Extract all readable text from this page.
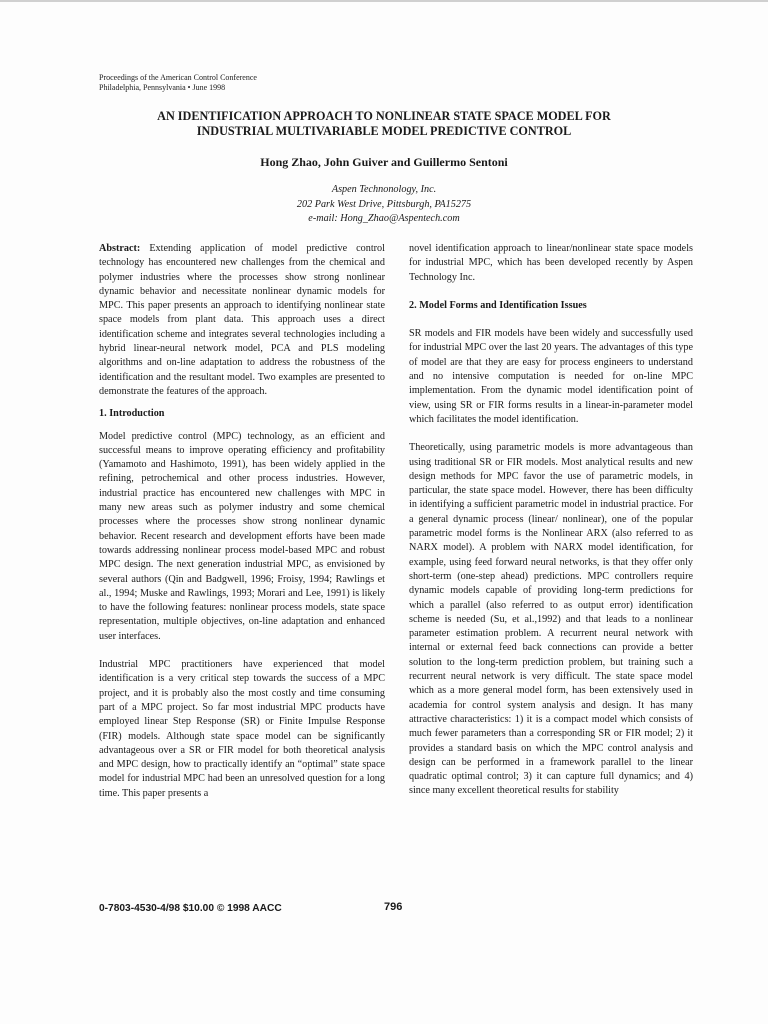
Proceedings of the American Control Conference
Philadelphia, Pennsylvania • June 1998
AN IDENTIFICATION APPROACH TO NONLINEAR STATE SPACE MODEL FOR
INDUSTRIAL MULTIVARIABLE MODEL PREDICTIVE CONTROL
Hong Zhao, John Guiver and Guillermo Sentoni
Aspen Technonology, Inc.
202 Park West Drive, Pittsburgh, PA15275
e-mail: Hong_Zhao@Aspentech.com

Abstract: Extending application of model predictive control technology has encountered new challenges from the chemical and polymer industries where the processes show strong nonlinear dynamic behavior and necessitate nonlinear dynamic models for MPC. This paper presents an approach to identifying nonlinear state space models from plant data. This approach uses a direct identification scheme and integrates several technologies including a hybrid linear-neural network model, PCA and PLS modeling algorithms and on-line adaptation to address the robustness of the identification and the resultant model. Two examples are presented to demonstrate the features of the approach.

1. Introduction

Model predictive control (MPC) technology, as an efficient and successful means to improve operating efficiency and profitability (Yamamoto and Hashimoto, 1991), has been widely applied in the refining, petrochemical and other process industries. However, industrial practice has encountered new challenges with MPC in many new areas such as polymer industry and some chemical processes where the processes show strong nonlinear dynamic behavior. Recent research and development efforts have been made towards addressing nonlinear process model-based MPC and robust MPC design. The next generation industrial MPC, as envisioned by several authors (Qin and Badgwell, 1996; Froisy, 1994; Rawlings et al., 1994; Muske and Rawlings, 1993; Morari and Lee, 1991) is likely to have the following features: nonlinear process models, state space representation, multiple objectives, on-line adaptation and enhanced user interfaces.

Industrial MPC practitioners have experienced that model identification is a very critical step towards the success of a MPC project, and it is probably also the most costly and time consuming part of a MPC project. So far most industrial MPC products have employed linear Step Response (SR) or Finite Impulse Response (FIR) models. Although state space model can be significantly advantageous over a SR or FIR model for both theoretical analysis and MPC design, how to practically identify an “optimal” state space model for industrial MPC had been an unresolved question for a long time. This paper presents a

novel identification approach to linear/nonlinear state space models for industrial MPC, which has been developed recently by Aspen Technology Inc.

2. Model Forms and Identification Issues

SR models and FIR models have been widely and successfully used for industrial MPC over the last 20 years. The advantages of this type of model are that they are easy for process engineers to understand and no intensive computation is needed for on-line MPC implementation. From the dynamic model identification point of view, using SR or FIR forms results in a linear-in-parameter model which facilitates the model identification.

Theoretically, using parametric models is more advantageous than using traditional SR or FIR models. Most analytical results and new design methods for MPC favor the use of parametric models, in particular, the state space model. However, there has been difficulty in identifying a sufficient parametric model in industrial practice. For a general dynamic process (linear/ nonlinear), one of the popular parametric model forms is the Nonlinear ARX (also referred to as NARX model). A problem with NARX model identification, for example, using feed forward neural networks, is that they offer only short-term (one-step ahead) predictions. MPC controllers require dynamic models capable of providing long-term predictions for which a parallel (also referred to as output error) identification scheme is needed (Su, et al.,1992) and that leads to a nonlinear parameter estimation problem. A recurrent neural network with internal or external feed back connections can provide a better solution to the long-term prediction problem, but training such a recurrent neural network is very difficult. The state space model which as a more general model form, has been extensively used in academia for control system analysis and design. It has many attractive characteristics: 1) it is a compact model which consists of much fewer parameters than a corresponding SR or FIR model; 2) it provides a standard basis on which the MPC control analysis and design can be performed in a framework parallel to the linear quadratic optimal control; 3) it can capture full dynamics; and 4) since many excellent theoretical results for stability

0-7803-4530-4/98 $10.00 © 1998 AACC	796
